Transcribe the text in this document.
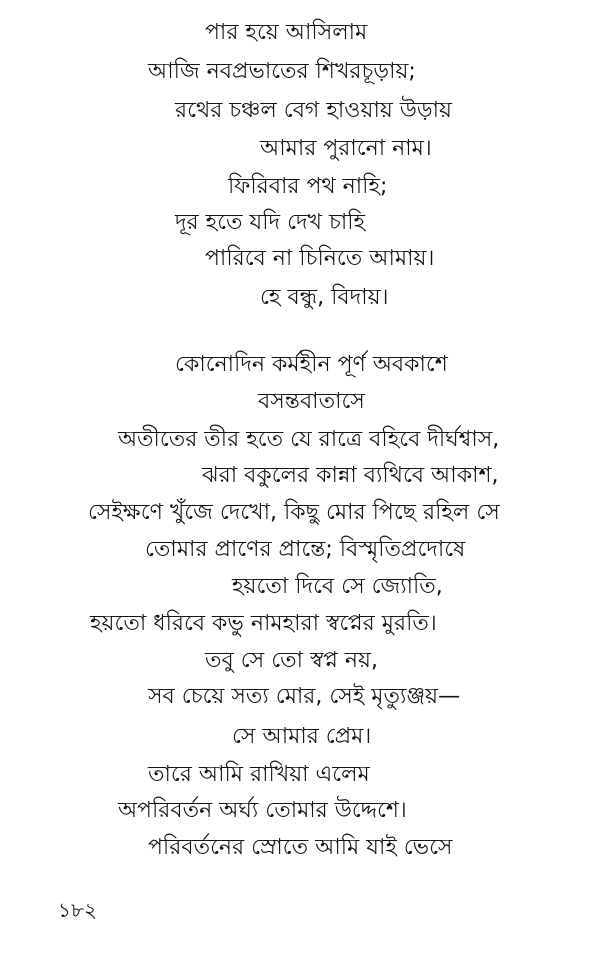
পার হয়ে আসিলাম
আজি নবপ্রভাতের শিখরচূড়ায়;
রথের চঞ্চল বেগ হাওয়ায় উড়ায়
আমার পুরানো নাম।
ফিরিবার পথ নাহি;
দূর হতে যদি দেখ চাহি
পারিবে না চিনিতে আমায়।
হে বন্ধু, বিদায়।
কোনোদিন কর্মহীন পূর্ণ অবকাশে
বসন্তবাতাসে
অতীতের তীর হতে যে রাত্রে বহিবে দীর্ঘশ্বাস,
ঝরা বকুলের কান্না ব্যথিবে আকাশ,
সেইক্ষণে খুঁজে দেখো, কিছু মোর পিছে রহিল সে
তোমার প্রাণের প্রান্তে; বিস্মৃতিপ্রদোষে
হয়তো দিবে সে জ্যোতি,
হয়তো ধরিবে কভু নামহারা স্বপ্নের মুরতি।
তবু সে তো স্বপ্ন নয়,
সব চেয়ে সত্য মোর, সেই মৃত্যুঞ্জয়—
সে আমার প্রেম।
তারে আমি রাখিয়া এলেম
অপরিবর্তন অর্ঘ্য তোমার উদ্দেশে।
পরিবর্তনের স্রোতে আমি যাই ভেসে
১৮২
